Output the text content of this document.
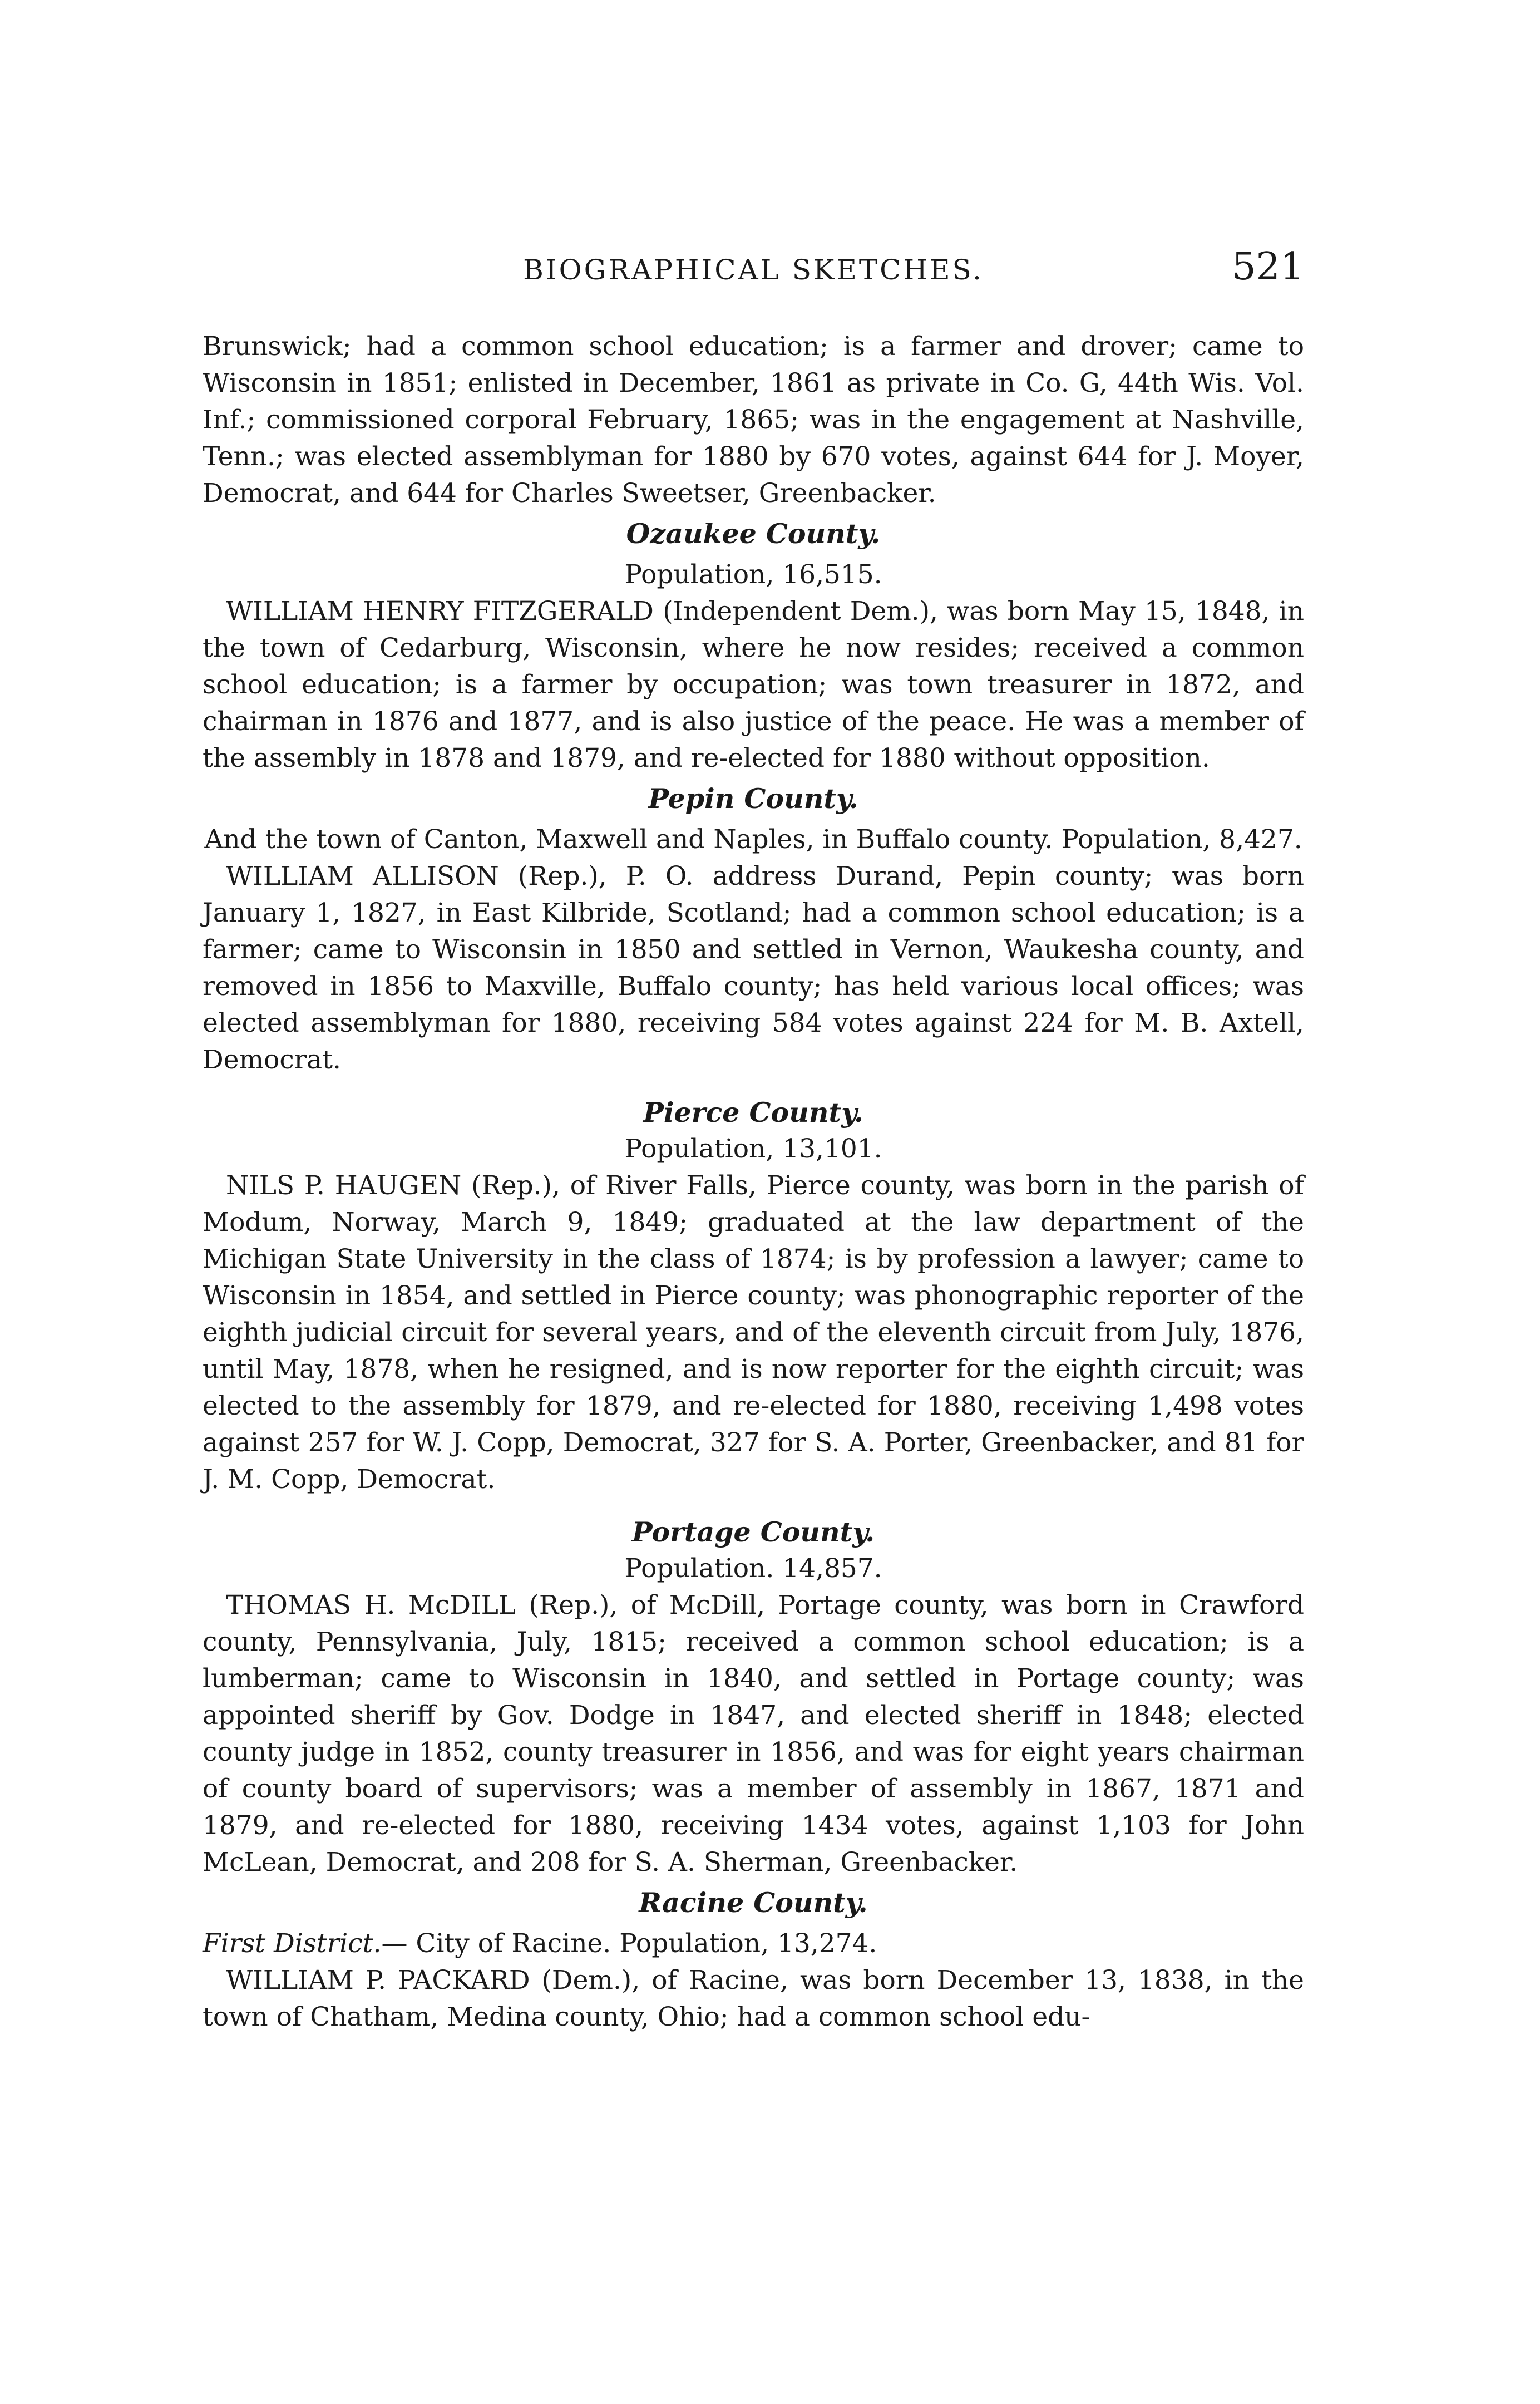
BIOGRAPHICAL SKETCHES.	521

Brunswick; had a common school education; is a farmer and drover; came to Wisconsin in 1851; enlisted in December, 1861 as private in Co. G, 44th Wis. Vol. Inf.; commissioned corporal February, 1865; was in the engagement at Nashville, Tenn.; was elected assemblyman for 1880 by 670 votes, against 644 for J. Moyer, Democrat, and 644 for Charles Sweetser, Greenbacker.

Ozaukee County.

Population, 16,515.

WILLIAM HENRY FITZGERALD (Independent Dem.), was born May 15, 1848, in the town of Cedarburg, Wisconsin, where he now resides; received a common school education; is a farmer by occupation; was town treasurer in 1872, and chairman in 1876 and 1877, and is also justice of the peace. He was a member of the assembly in 1878 and 1879, and re-elected for 1880 without opposition.

Pepin County.

And the town of Canton, Maxwell and Naples, in Buffalo county. Population, 8,427.

WILLIAM ALLISON (Rep.), P. O. address Durand, Pepin county; was born January 1, 1827, in East Kilbride, Scotland; had a common school education; is a farmer; came to Wisconsin in 1850 and settled in Vernon, Waukesha county, and removed in 1856 to Maxville, Buffalo county; has held various local offices; was elected assemblyman for 1880, receiving 584 votes against 224 for M. B. Axtell, Democrat.

Pierce County.

Population, 13,101.

NILS P. HAUGEN (Rep.), of River Falls, Pierce county, was born in the parish of Modum, Norway, March 9, 1849; graduated at the law department of the Michigan State University in the class of 1874; is by profession a lawyer; came to Wisconsin in 1854, and settled in Pierce county; was phonographic reporter of the eighth judicial circuit for several years, and of the eleventh circuit from July, 1876, until May, 1878, when he resigned, and is now reporter for the eighth circuit; was elected to the assembly for 1879, and re-elected for 1880, receiving 1,498 votes against 257 for W. J. Copp, Democrat, 327 for S. A. Porter, Greenbacker, and 81 for J. M. Copp, Democrat.

Portage County.

Population. 14,857.

THOMAS H. McDILL (Rep.), of McDill, Portage county, was born in Crawford county, Pennsylvania, July, 1815; received a common school education; is a lumberman; came to Wisconsin in 1840, and settled in Portage county; was appointed sheriff by Gov. Dodge in 1847, and elected sheriff in 1848; elected county judge in 1852, county treasurer in 1856, and was for eight years chairman of county board of supervisors; was a member of assembly in 1867, 1871 and 1879, and re-elected for 1880, receiving 1434 votes, against 1,103 for John McLean, Democrat, and 208 for S. A. Sherman, Greenbacker.

Racine County.

First District.— City of Racine. Population, 13,274.

WILLIAM P. PACKARD (Dem.), of Racine, was born December 13, 1838, in the town of Chatham, Medina county, Ohio; had a common school edu-
